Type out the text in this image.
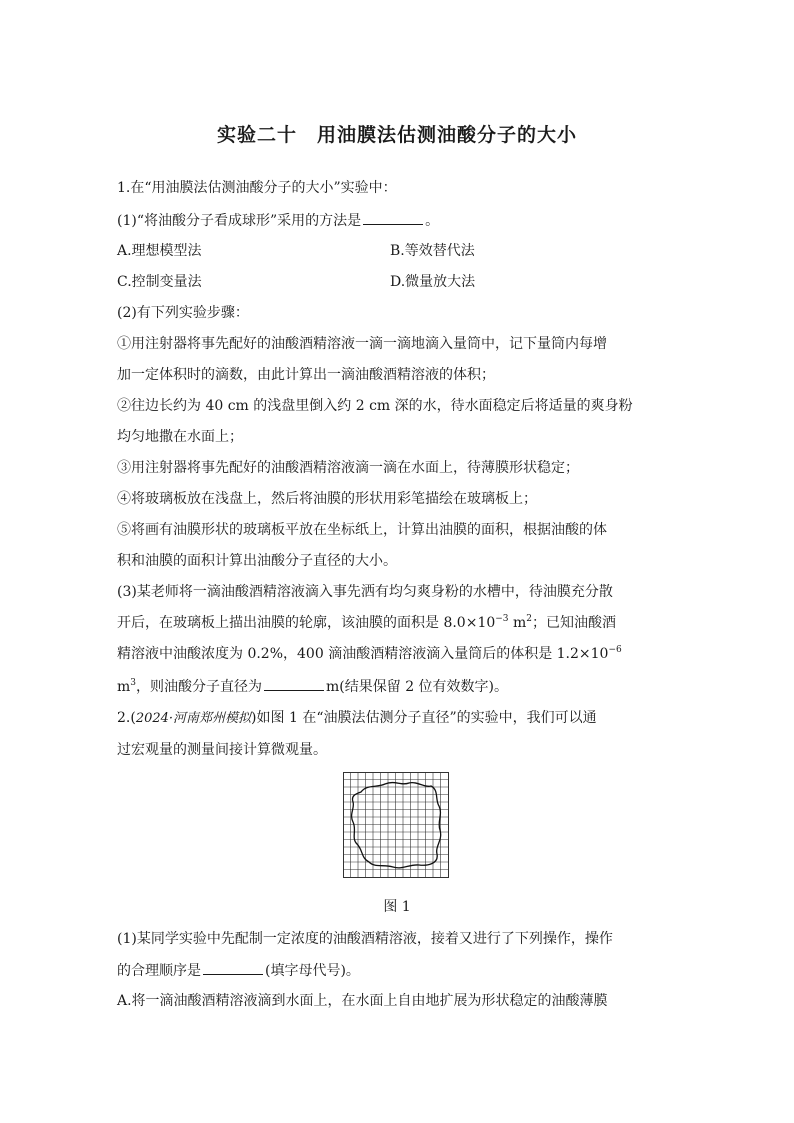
实验二十　用油膜法估测油酸分子的大小
1.在“用油膜法估测油酸分子的大小”实验中：
(1)“将油酸分子看成球形”采用的方法是	。
A.理想模型法	B.等效替代法
C.控制变量法	D.微量放大法
(2)有下列实验步骤：
①用注射器将事先配好的油酸酒精溶液一滴一滴地滴入量筒中，记下量筒内每增
加一定体积时的滴数，由此计算出一滴油酸酒精溶液的体积；
②往边长约为 40 cm 的浅盘里倒入约 2 cm 深的水，待水面稳定后将适量的爽身粉
均匀地撒在水面上；
③用注射器将事先配好的油酸酒精溶液滴一滴在水面上，待薄膜形状稳定；
④将玻璃板放在浅盘上，然后将油膜的形状用彩笔描绘在玻璃板上；
⑤将画有油膜形状的玻璃板平放在坐标纸上，计算出油膜的面积，根据油酸的体
积和油膜的面积计算出油酸分子直径的大小。
(3)某老师将一滴油酸酒精溶液滴入事先洒有均匀爽身粉的水槽中，待油膜充分散
开后，在玻璃板上描出油膜的轮廓，该油膜的面积是 $8.0\times 10^{-3}$ $m^2$；已知油酸酒
精溶液中油酸浓度为 0.2%，400 滴油酸酒精溶液滴入量筒后的体积是 $1.2\times 10^{-6}$
$m^3$，则油酸分子直径为	m(结果保留 2 位有效数字)。
2.(2024·河南郑州模拟)如图 1 在“油膜法估测分子直径”的实验中，我们可以通
过宏观量的测量间接计算微观量。
图 1
(1)某同学实验中先配制一定浓度的油酸酒精溶液，接着又进行了下列操作，操作
的合理顺序是	(填字母代号)。
A.将一滴油酸酒精溶液滴到水面上，在水面上自由地扩展为形状稳定的油酸薄膜
